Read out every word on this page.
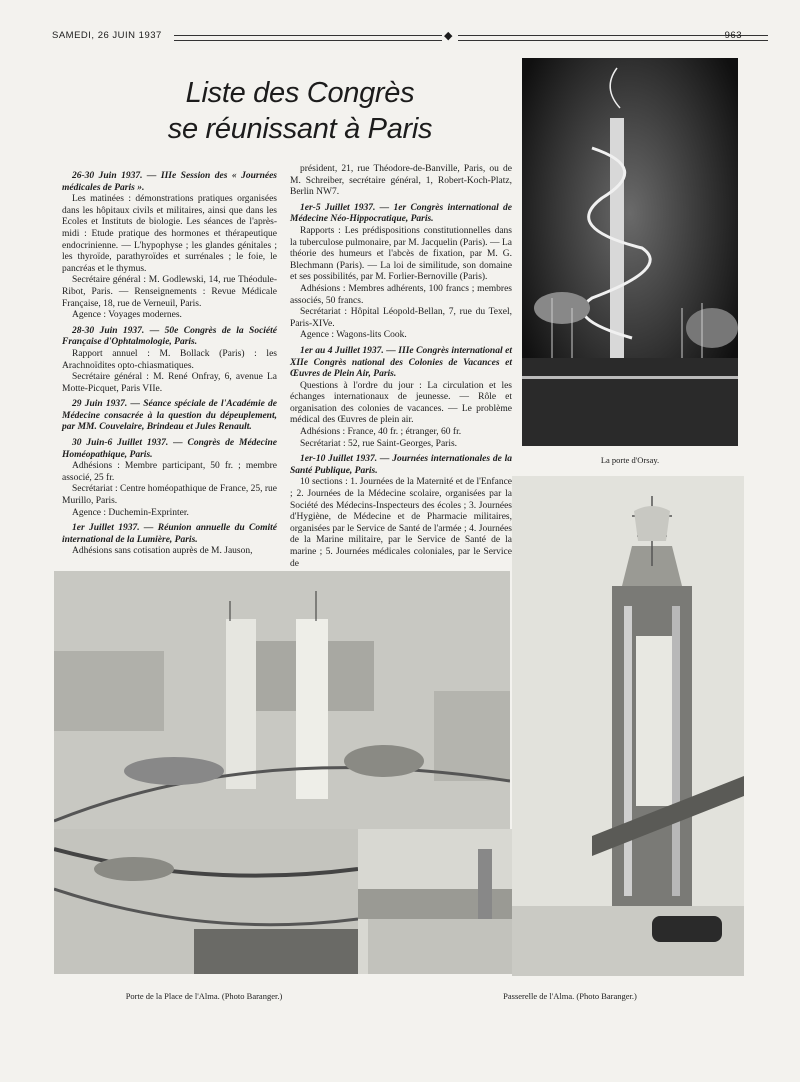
SAMEDI, 26 JUIN 1937	◆	963
Liste des Congrès
se réunissant à Paris
26-30 Juin 1937. — IIIe Session des « Journées médicales de Paris ».
Les matinées : démonstrations pratiques organisées dans les hôpitaux civils et militaires, ainsi que dans les Ecoles et Instituts de biologie. Les séances de l'après-midi : Etude pratique des hormones et thérapeutique endocrinienne. — L'hypophyse ; les glandes génitales ; les thyroïde, parathyroïdes et surrénales ; le foie, le pancréas et le thymus.
Secrétaire général : M. Godlewski, 14, rue Théodule-Ribot, Paris. — Renseignements : Revue Médicale Française, 18, rue de Verneuil, Paris.
Agence : Voyages modernes.
28-30 Juin 1937. — 50e Congrès de la Société Française d'Ophtalmologie, Paris.
Rapport annuel : M. Bollack (Paris) : les Arachnoïdites opto-chiasmatiques.
Secrétaire général : M. René Onfray, 6, avenue La Motte-Picquet, Paris VIIe.
29 Juin 1937. — Séance spéciale de l'Académie de Médecine consacrée à la question du dépeuplement, par MM. Couvelaire, Brindeau et Jules Renault.
30 Juin-6 Juillet 1937. — Congrès de Médecine Homéopathique, Paris.
Adhésions : Membre participant, 50 fr. ; membre associé, 25 fr.
Secrétariat : Centre homéopathique de France, 25, rue Murillo, Paris.
Agence : Duchemin-Exprinter.
1er Juillet 1937. — Réunion annuelle du Comité international de la Lumière, Paris.
Adhésions sans cotisation auprès de M. Jauson,
président, 21, rue Théodore-de-Banville, Paris, ou de M. Schreiber, secrétaire général, 1, Robert-Koch-Platz, Berlin NW7.
1er-5 Juillet 1937. — 1er Congrès international de Médecine Néo-Hippocratique, Paris.
Rapports : Les prédispositions constitutionnelles dans la tuberculose pulmonaire, par M. Jacquelin (Paris). — La théorie des humeurs et l'abcès de fixation, par M. G. Blechmann (Paris). — La loi de similitude, son domaine et ses possibilités, par M. Forlier-Bernoville (Paris).
Adhésions : Membres adhérents, 100 francs ; membres associés, 50 francs.
Secrétariat : Hôpital Léopold-Bellan, 7, rue du Texel, Paris-XIVe.
Agence : Wagons-lits Cook.
1er au 4 Juillet 1937. — IIIe Congrès international et XIIe Congrès national des Colonies de Vacances et Œuvres de Plein Air, Paris.
Questions à l'ordre du jour : La circulation et les échanges internationaux de jeunesse. — Rôle et organisation des colonies de vacances. — Le problème médical des Œuvres de plein air.
Adhésions : France, 40 fr. ; étranger, 60 fr.
Secrétariat : 52, rue Saint-Georges, Paris.
1er-10 Juillet 1937. — Journées internationales de la Santé Publique, Paris.
10 sections : 1. Journées de la Maternité et de l'Enfance ; 2. Journées de la Médecine scolaire, organisées par la Société des Médecins-Inspecteurs des écoles ; 3. Journées d'Hygiène, de Médecine et de Pharmacie militaires, organisées par le Service de Santé de l'armée ; 4. Journées de la Marine militaire, par le Service de Santé de la marine ; 5. Journées médicales coloniales, par le Service de
La porte d'Orsay.
Porte de la Place de l'Alma. (Photo Baranger.)	Passerelle de l'Alma. (Photo Baranger.)
